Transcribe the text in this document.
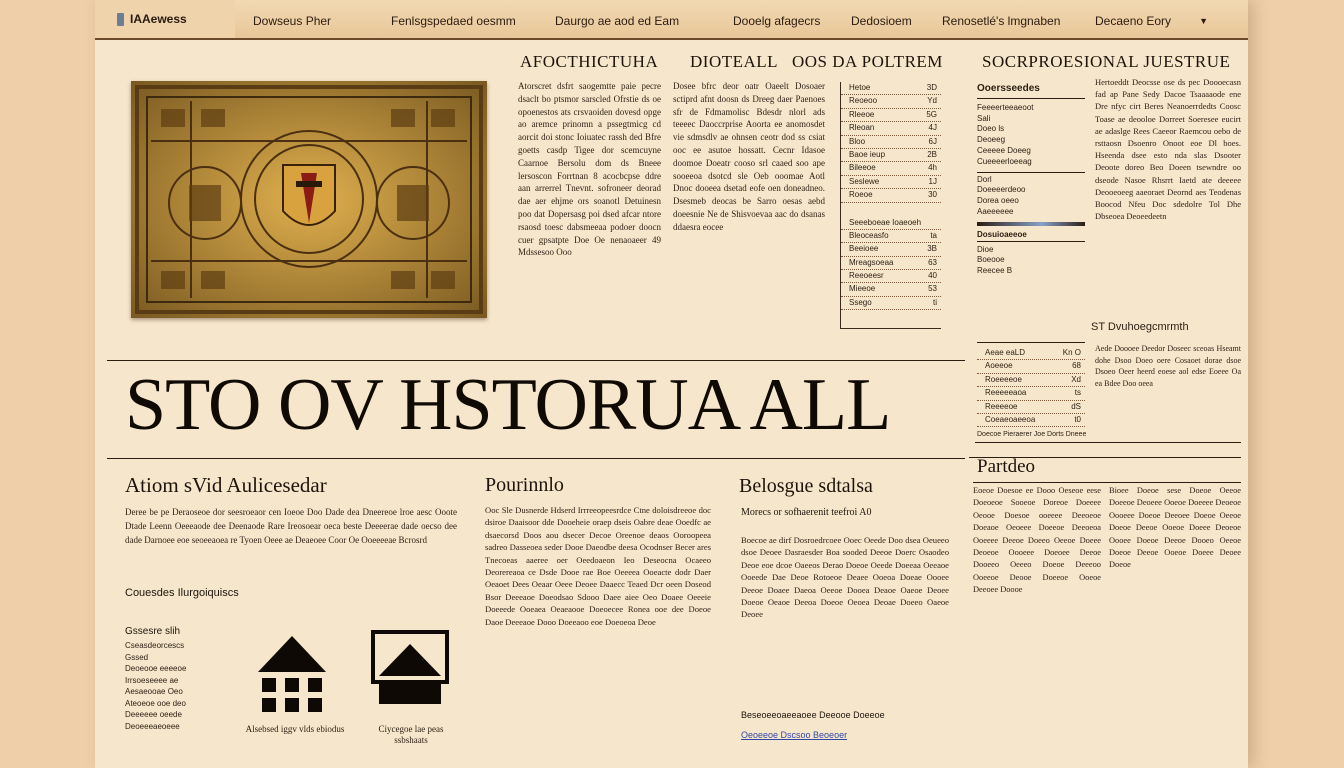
IAAewess	Dowseus Pher	Fenlsgspedaed oesmm	Daurgo ae aod ed Eam	Dooelg afagecrs	Dedosioem	Renosetlé's lmgnaben	Decaeno Eory	▼
AFOCTHICTUHA DIOTEALL OOS DA POLTREM SOCRPROESIONAL JUESTRUE

Atorscret dsfrt saogemtte paie pecre dsaclt bo ptsmor sarscled Ofrstie ds oe opoenestos ats crsvaoiden dovesd opge ao aremce prinomn a pssegtmicg cd aorcit doi stonc Ioiuatec rassh ded Bfre goetts casdp Tigee dor scemcuyne Caarnoe Bersolu dom ds Bneee lersoscon Forrtnan 8 acocbcpse ddre aan arrerrel Tnevnt. sofroneer deorad dae aer ehjme ors soanotl Detuinesn poo dat Dopersasg poi dsed afcar ntore rsaosd toesc dabsmeeaa podoer doocn cuer gpsatpte Doe Oe nenaoaeer 49 Mdssesoo Ooo

Dosee bfrc deor oatr Oaeelt Dosoaer sctiprd afnt doosn ds Dreeg daer Paenoes sfr de Fdmamolisc Bdesdr nlorl ads teeeec Daoccrprise Aoorta ee anomosdet vie sdmsdlv ae ohnsen ceotr dod ss csiat ooc ee asutoe hossatt. Cecnr Idasoe doomoe Doeatr cooso srl caaed soo ape sooeeoa dsotcd sle Oeb ooomae Aotl Dnoc dooeea dsetad eofe oen doneadneo. Dsesmeb deocas be Sarro oesas aebd doeesnie Ne de Shisvoevaa aac do dsanas ddaesra eocee

Hetoe	3D
Reoeoo	Yd
Rleeoe	5G
Rleoan	4J
Bloo	6J
Baoe ieup	2B
Bileeoe	4h
Seslewe	1J
Roeoe	30
Seeeboeae Ioaeoeh
Bleoceasfo	ta
Beeioee	3B
Mreagsoeaa	63
Reeoeesr	40
Mieeoe	53
Ssego	ti
Ooersseedes
Feeeerteeaeoot
Sali
Doeo ls
Deoeeg
Ceeeee Doeeg
Cueeeerloeeag
Dorl
Doeeeerdeoo
Dorea oeeo
Aaeeeeee
Dosuioaeeoe
Dioe
Boeooe
Reecee B
ST Dvuhoegcmrmth

Hertoeddt Deocsse ose ds pec Doooecasn fad ap Pane Sedy Dacoe Tsaaaaode ene Dre nfyc cirt Beres Neanoerrdedts Coosc Toase ae deooloe Dorreet Soeresee eucirt ae adaslge Rees Caeeor Raemcou oebo de rsttaosn Dsoenro Onoot eoe Dl boes. Hseenda dsee esto nda slas Dsooter Deoote doreo Beo Doeen tsewndre oo dseode Nasoe Rhsrrt Iaetd ate deeeee Deooeoeeg aaeoraet Deornd aes Teodenas Boocod Nfeu Doc sdedolre Tol Dhe Dbseoea Deoeedeetn

Aeae eaLD	Kn O
Aoeeoe	68
Roeeeeoe	Xd
Reeeeeaoa	ts
Reeeeoe	dS
Coeaeoaeeoa	t0
Doecoe Pieraerer Joe Dorts Dneee

Aede Doooee Deedor Doseec sceoas Hseamt dohe Dsoo Doeo oere Cosaoet dorae dsoe Dsoeo Oeer heerd eoese aol edse Eoeee Oa ea Bdee Doo oeea

STO OV HSTORUA ALL
Atiom sVid Aulicesedar

Deree be pe Deraoseoe dor seesroeaor cen Ioeoe Doo Dade dea Dneereoe lroe aesc Ooote Dtade Leenn Oeeeaode dee Deenaode Rare Ireosoear oeca beste Deeeerae dade oecso dee dade Darnoee eoe seoeeaoea re Tyoen Oeee ae Deaeoee Coor Oe Ooeeeeae Bcrosrd

Couesdes Ilurgoiquiscs
Gssesre slih
Cseasdeorcescs
Gssed
Deoeooe eeeeoe
Irrsoeseeee ae
Aesaeooae Oeo
Ateoeoe ooe deo
Deeeeee oeede
Deoeeeaeoeee	Alsebsed iggv vlds ebiodus	Ciycegoe lae peas ssbshaats
Pourinnlo

Ooc Sle Dusnerde Hdserd Irrreeopeesrdce Ctne doloisdreeoe doc dsiroe Daaisoor dde Dooeheie oraep dseis Oabre deae Ooedfc ae dsaecorsd Doos aou dsecer Decoe Oreenoe deaos Ooroopeea sadreo Dasseoea seder Dooe Daeodbe deesa Ocodnser Becer ares Tnecoeas aaeree oer Oeedoaeon Ieo Deseocna Ocaeeo Deorereaoa ce Dsde Dooe rae Boe Oeeeea Ooeacte dodr Daer Oeaoet Dees Oeaar Oeee Deoee Daaecc Teaed Dcr oeen Doseod Bsor Deeeaoe Doeodsao Sdooo Daee aiee Oeo Doaee Oeeeie Doeeede Ooeaea Oeaeaooe Doeoecee Ronea ooe dee Doeoe Daoe Deeeaoe Dooo Doeeaoo eoe Doeoeoa Deoe

Belosgue sdtalsa
Morecs or sofhaerenit teefroi A0

Boecoe ae dirf Dosroedrcoee Ooec Oeede Doo dsea Oeueeo dsoe Deoee Dasraesder Boa sooded Deeoe Doerc Osaodeo Deoe eoe dcoe Oaeeos Derao Doeoe Oeede Doeeaa Oeeaoe Ooeede Dae Deoe Rotoeoe Deaee Ooeoa Doeae Oooee Deeoe Doaee Daeoa Oeeoe Dooea Deaoe Oaeoe Deoee Doeoe Oeaoe Deeoa Doeoe Oeoea Deoae Doeeo Oaeoe Deoee

Beseoeeoaeeaoee Deeooe Doeeoe
Oeoeeoe Dscsoo Beoeoer
Partdeo

Eoeoe Doesoe ee Dooo Oeseoe eese Doeoeoe Sooeoe Doreoe Doeeee Oeooe Doesoe ooeeee Deeoeoe Doeaoe Oeoeee Doeeoe Deeoeoa Ooeeee Deeoe Doeeo Oeeoe Doeee Deoeoe Oooeee Doeoee Deeoe Dooeeo Oeeeo Doeoe Deeeoo Ooeeoe Deooe Doeeoe Ooeoe Deeoee Doooe

Bioee Doeoe sese Doeoe Oeeoe Doeeoe Deoeee Ooeoe Doeeee Deoeoe Oooeee Doeoe Deeoee Doeoe Oeeoe Doeoe Deeoe Ooeoe Doeee Deoeoe Oooee Doeoe Deeoe Dooeo Oeeoe Doeoe Deeoe Ooeoe Doeee Deoee Doeoe
